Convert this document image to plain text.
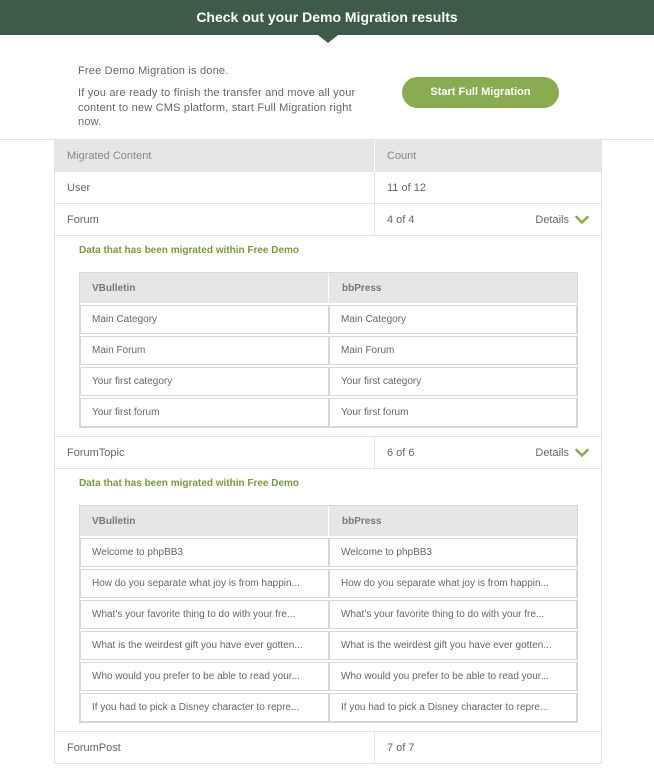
Check out your Demo Migration results
Free Demo Migration is done.
If you are ready to finish the transfer and move all your content to new CMS platform, start Full Migration right now.
Start Full Migration
Migrated Content	Count
User	11 of 12
Forum	4 of 4	Details
Data that has been migrated within Free Demo
VBulletin	bbPress
Main Category	Main Category
Main Forum	Main Forum
Your first category	Your first category
Your first forum	Your first forum
ForumTopic	6 of 6	Details
Data that has been migrated within Free Demo
VBulletin	bbPress
Welcome to phpBB3	Welcome to phpBB3
How do you separate what joy is from happin...	How do you separate what joy is from happin...
What’s your favorite thing to do with your fre...	What’s your favorite thing to do with your fre...
What is the weirdest gift you have ever gotten...	What is the weirdest gift you have ever gotten...
Who would you prefer to be able to read your...	Who would you prefer to be able to read your...
If you had to pick a Disney character to repre...	If you had to pick a Disney character to repre...
ForumPost	7 of 7
